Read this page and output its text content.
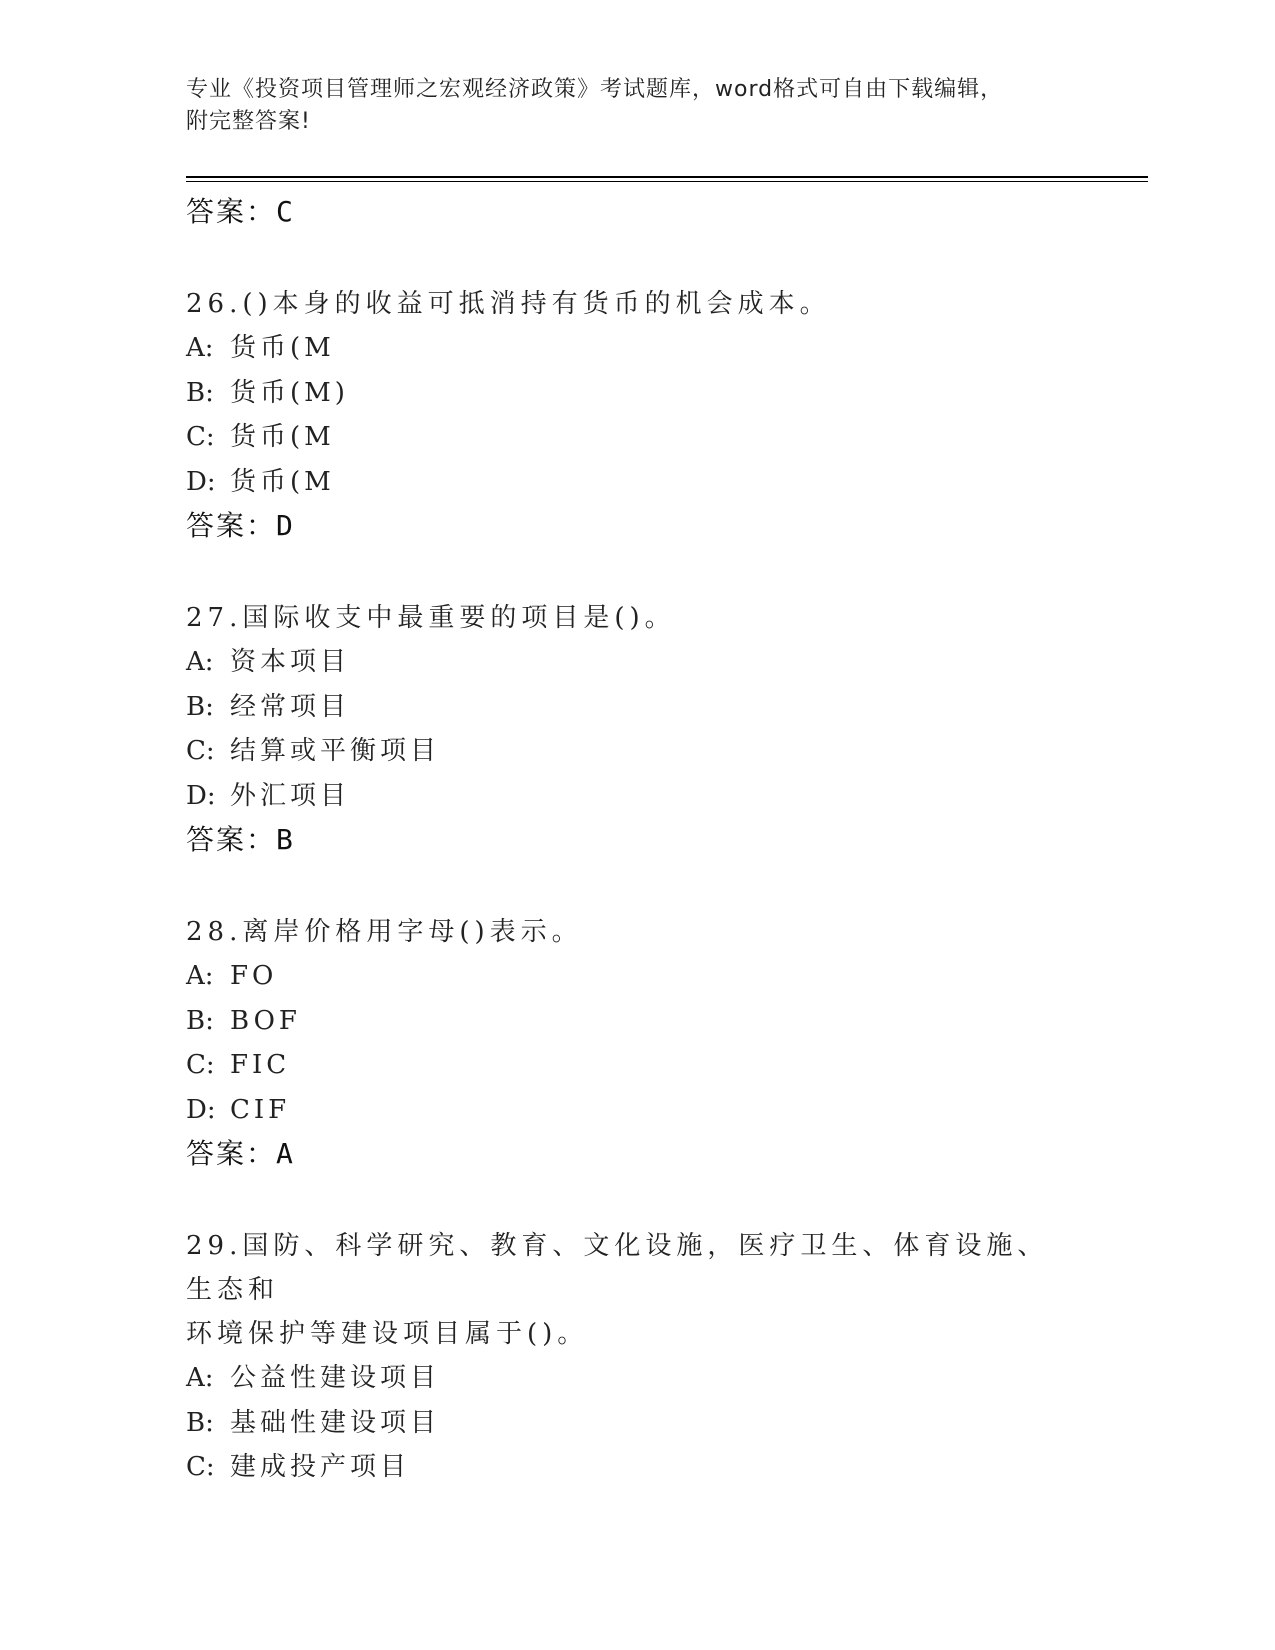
专业《投资项目管理师之宏观经济政策》考试题库，word格式可自由下载编辑，
附完整答案!
答案：C
26.()本身的收益可抵消持有货币的机会成本。
A: 货币(M
B: 货币(M)
C: 货币(M
D: 货币(M
答案：D
27.国际收支中最重要的项目是()。
A: 资本项目
B: 经常项目
C: 结算或平衡项目
D: 外汇项目
答案：B
28.离岸价格用字母()表示。
A: FO
B: BOF
C: FIC
D: CIF
答案：A
29.国防、科学研究、教育、文化设施，医疗卫生、体育设施、生态和
环境保护等建设项目属于()。
A: 公益性建设项目
B: 基础性建设项目
C: 建成投产项目
